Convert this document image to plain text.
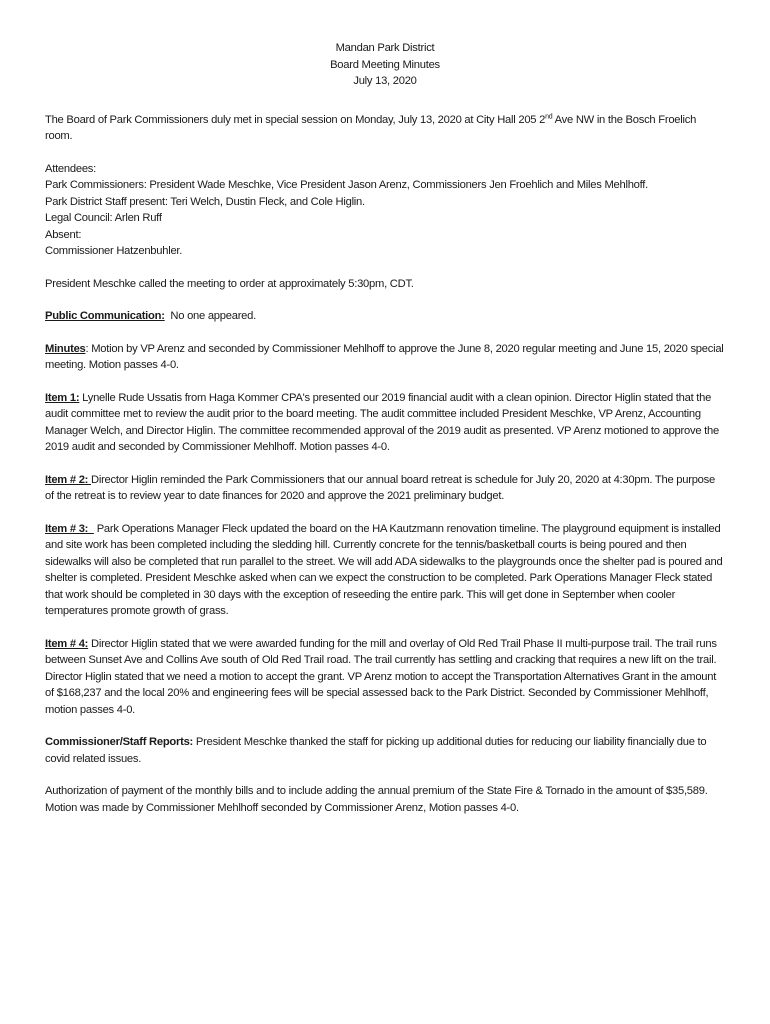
Mandan Park District
Board Meeting Minutes
July 13, 2020

The Board of Park Commissioners duly met in special session on Monday, July 13, 2020 at City Hall 205 2nd Ave NW in the Bosch Froelich room.

Attendees:

Park Commissioners: President Wade Meschke, Vice President Jason Arenz, Commissioners Jen Froehlich and Miles Mehlhoff.

Park District Staff present: Teri Welch, Dustin Fleck, and Cole Higlin.

Legal Council: Arlen Ruff

Absent:

Commissioner Hatzenbuhler.

President Meschke called the meeting to order at approximately 5:30pm, CDT.

Public Communication:  No one appeared.

Minutes: Motion by VP Arenz and seconded by Commissioner Mehlhoff to approve the June 8, 2020 regular meeting and June 15, 2020 special meeting. Motion passes 4-0.

Item 1: Lynelle Rude Ussatis from Haga Kommer CPA's presented our 2019 financial audit with a clean opinion. Director Higlin stated that the audit committee met to review the audit prior to the board meeting. The audit committee included President Meschke, VP Arenz, Accounting Manager Welch, and Director Higlin. The committee recommended approval of the 2019 audit as presented. VP Arenz motioned to approve the 2019 audit and seconded by Commissioner Mehlhoff. Motion passes 4-0.

Item # 2: Director Higlin reminded the Park Commissioners that our annual board retreat is schedule for July 20, 2020 at 4:30pm. The purpose of the retreat is to review year to date finances for 2020 and approve the 2021 preliminary budget.

Item # 3:   Park Operations Manager Fleck updated the board on the HA Kautzmann renovation timeline. The playground equipment is installed and site work has been completed including the sledding hill. Currently concrete for the tennis/basketball courts is being poured and then sidewalks will also be completed that run parallel to the street. We will add ADA sidewalks to the playgrounds once the shelter pad is poured and shelter is completed. President Meschke asked when can we expect the construction to be completed. Park Operations Manager Fleck stated that work should be completed in 30 days with the exception of reseeding the entire park. This will get done in September when cooler temperatures promote growth of grass.

Item # 4: Director Higlin stated that we were awarded funding for the mill and overlay of Old Red Trail Phase II multi-purpose trail. The trail runs between Sunset Ave and Collins Ave south of Old Red Trail road. The trail currently has settling and cracking that requires a new lift on the trail. Director Higlin stated that we need a motion to accept the grant. VP Arenz motion to accept the Transportation Alternatives Grant in the amount of $168,237 and the local 20% and engineering fees will be special assessed back to the Park District. Seconded by Commissioner Mehlhoff, motion passes 4-0.

Commissioner/Staff Reports: President Meschke thanked the staff for picking up additional duties for reducing our liability financially due to covid related issues.

Authorization of payment of the monthly bills and to include adding the annual premium of the State Fire & Tornado in the amount of $35,589. Motion was made by Commissioner Mehlhoff seconded by Commissioner Arenz, Motion passes 4-0.
